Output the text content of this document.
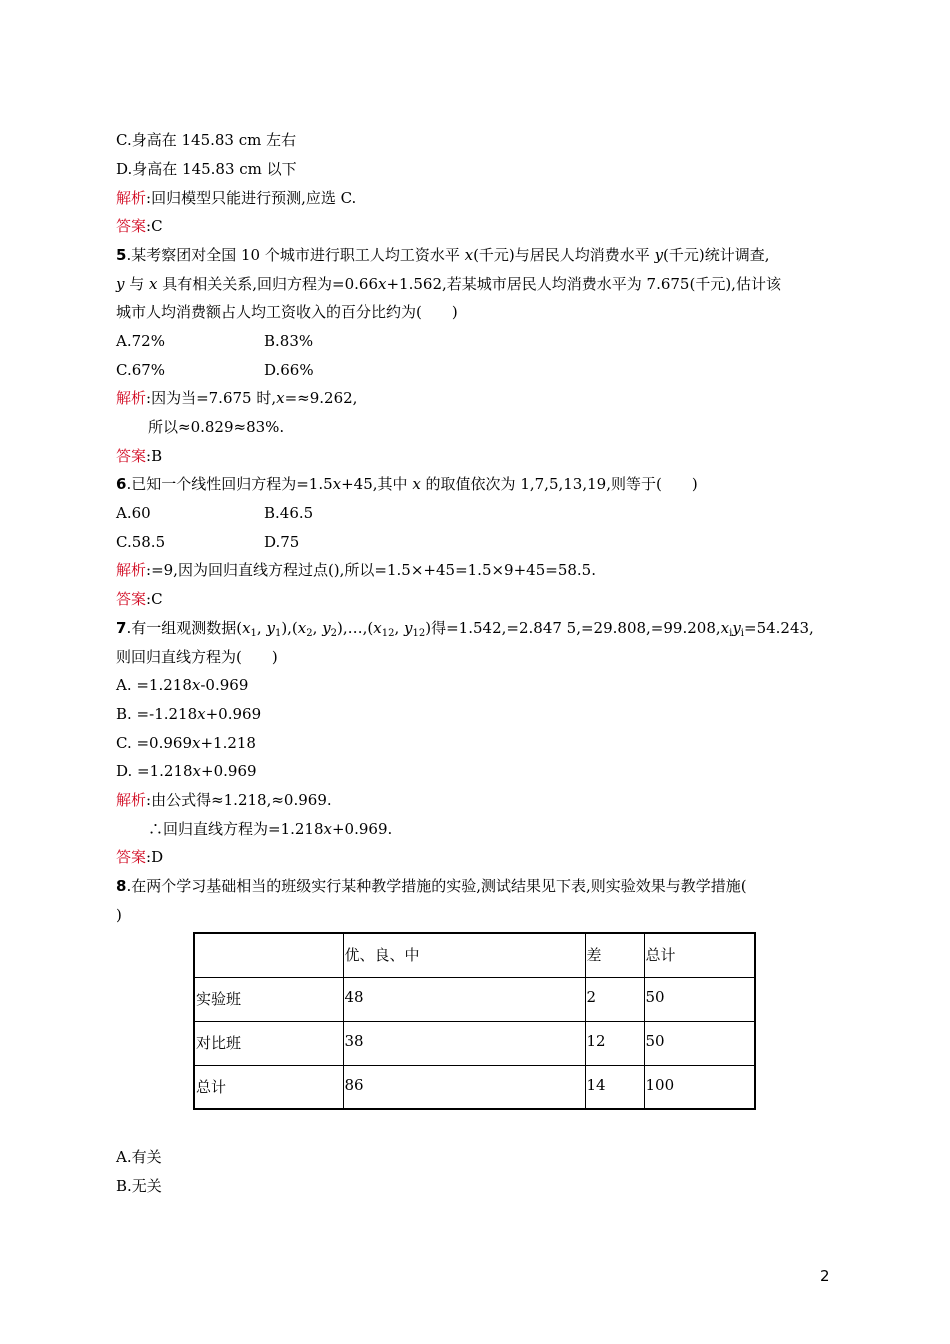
C.身高在 145.83 cm 左右
D.身高在 145.83 cm 以下
解析:回归模型只能进行预测,应选 C.
答案:C
5.某考察团对全国 10 个城市进行职工人均工资水平 x(千元)与居民人均消费水平 y(千元)统计调查,
y 与 x 具有相关关系,回归方程为=0.66x+1.562,若某城市居民人均消费水平为 7.675(千元),估计该
城市人均消费额占人均工资收入的百分比约为(　　)
A.72%	B.83%
C.67%	D.66%
解析:因为当=7.675 时,x=≈9.262,
所以≈0.829≈83%.
答案:B
6.已知一个线性回归方程为=1.5x+45,其中 x 的取值依次为 1,7,5,13,19,则等于(　　)
A.60	B.46.5
C.58.5	D.75
解析:=9,因为回归直线方程过点(),所以=1.5×+45=1.5×9+45=58.5.
答案:C
7.有一组观测数据($x_1$, $y_1),(x_2$, $y_2),\dots,(x_{12}$, $y_{12}$)得=1.542,=2.847 $5,=29.808,=99.208,x_iy_i=54.243$,
则回归直线方程为(　　)
A. =1.218x-0.969
B. =-1.218x+0.969
C. =0.969x+1.218
D. =1.218x+0.969
解析:由公式得≈1.218,≈0.969.
∴回归直线方程为=1.218x+0.969.
答案:D
8.在两个学习基础相当的班级实行某种教学措施的实验,测试结果见下表,则实验效果与教学措施(
)
	优、良、中	差	总计
实验班	48	2	50
对比班	38	12	50
总计	86	14	100
A.有关
B.无关
2
